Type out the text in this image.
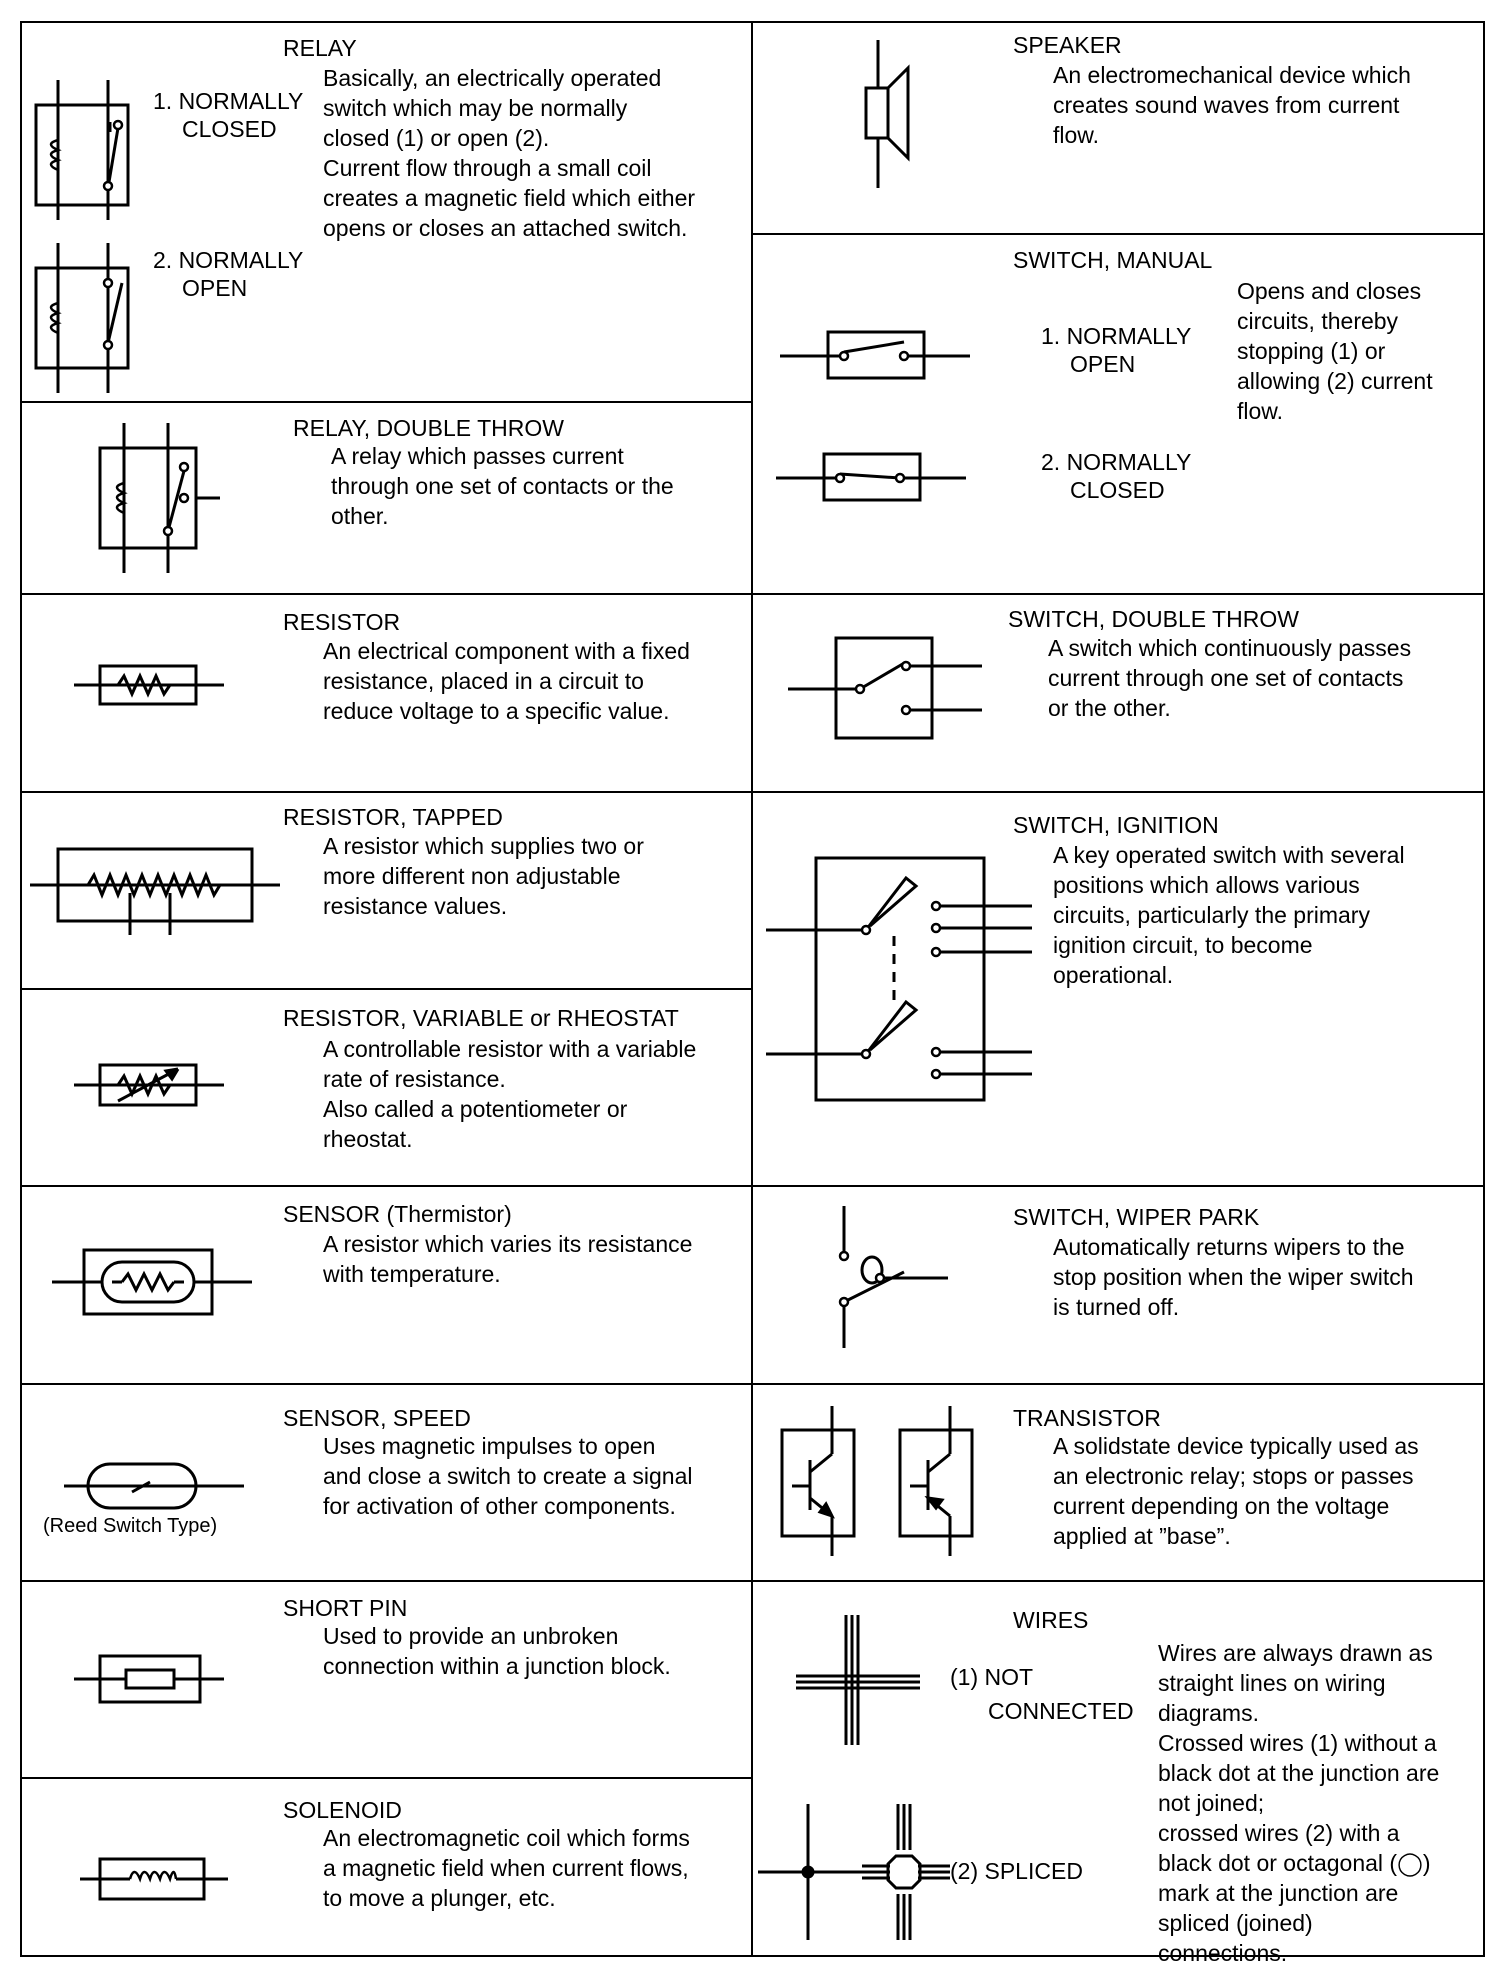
RELAY
1. NORMALLY
CLOSED
2. NORMALLY
OPEN
Basically, an electrically operated
switch which may be normally
closed (1) or open (2).
Current flow through a small coil
creates a magnetic field which either
opens or closes an attached switch.
RELAY, DOUBLE THROW
A relay which passes current
through one set of contacts or the
other.
RESISTOR
An electrical component with a fixed
resistance, placed in a circuit to
reduce voltage to a specific value.
RESISTOR, TAPPED
A resistor which supplies two or
more different non adjustable
resistance values.
RESISTOR, VARIABLE or RHEOSTAT
A controllable resistor with a variable
rate of resistance.
Also called a potentiometer or
rheostat.
SENSOR (Thermistor)
A resistor which varies its resistance
with temperature.
SENSOR, SPEED
Uses magnetic impulses to open
and close a switch to create a signal
for activation of other components.
(Reed Switch Type)
SHORT PIN
Used to provide an unbroken
connection within a junction block.
SOLENOID
An electromagnetic coil which forms
a magnetic field when current flows,
to move a plunger, etc.
SPEAKER
An electromechanical device which
creates sound waves from current
flow.
SWITCH, MANUAL
1. NORMALLY
OPEN
2. NORMALLY
CLOSED
Opens and closes
circuits, thereby
stopping (1) or
allowing (2) current
flow.
SWITCH, DOUBLE THROW
A switch which continuously passes
current through one set of contacts
or the other.
SWITCH, IGNITION
A key operated switch with several
positions which allows various
circuits, particularly the primary
ignition circuit, to become
operational.
SWITCH, WIPER PARK
Automatically returns wipers to the
stop position when the wiper switch
is turned off.
TRANSISTOR
A solidstate device typically used as
an electronic relay; stops or passes
current depending on the voltage
applied at ”base”.
WIRES
(1) NOT
CONNECTED
(2) SPLICED
Wires are always drawn as
straight lines on wiring
diagrams.
Crossed wires (1) without a
black dot at the junction are
not joined;
crossed wires (2) with a
black dot or octagonal (◯)
mark at the junction are
spliced (joined)
connections.
